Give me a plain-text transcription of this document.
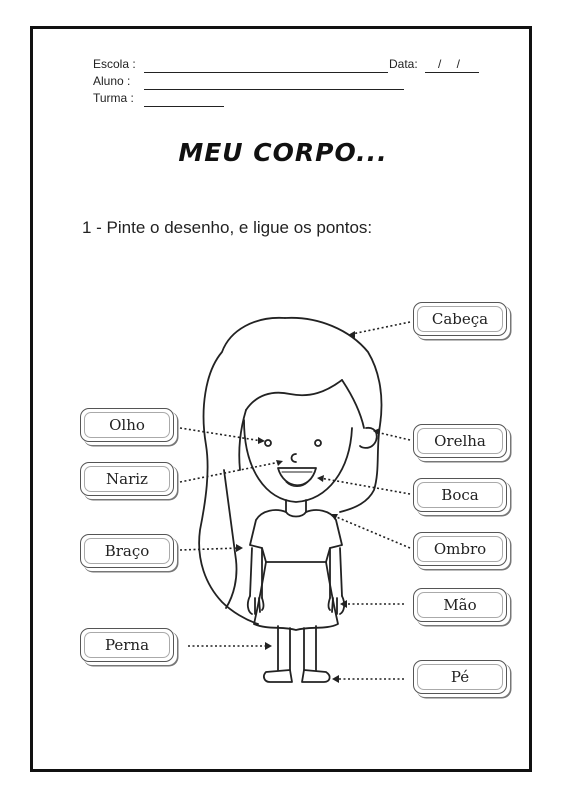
Escola :	Data: / /
Aluno :
Turma :
MEU CORPO...
1 - Pinte o desenho, e ligue os pontos:
Cabeça
Olho
Orelha
Nariz
Boca
Braço	Ombro
Mão
Perna
Pé
